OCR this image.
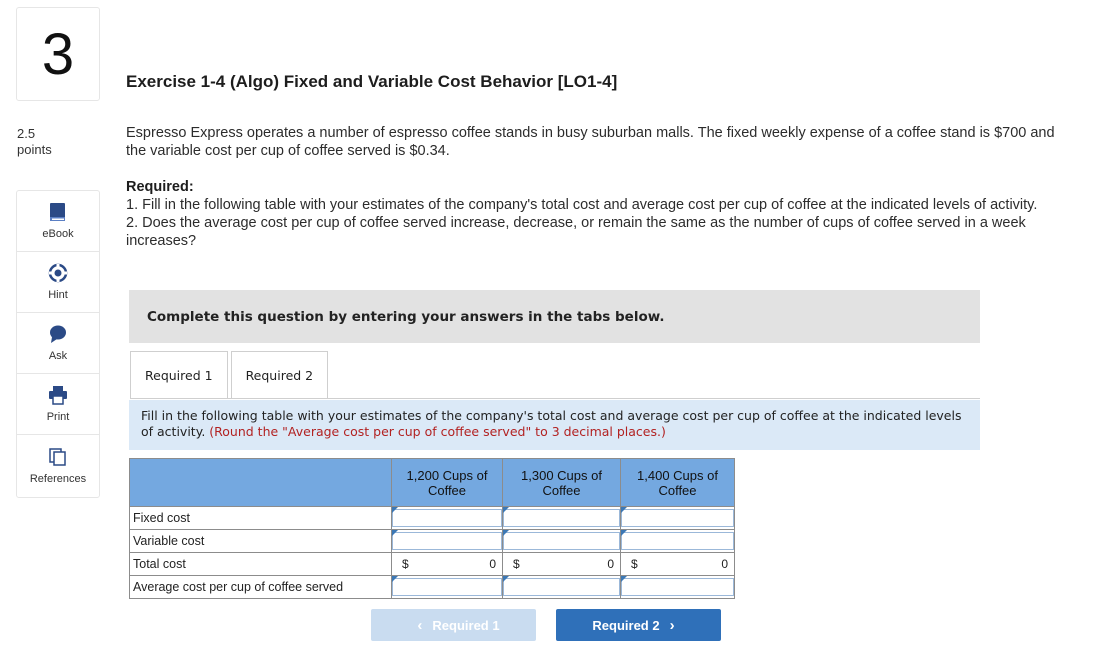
3
2.5
points
eBook
Hint
Ask
Print
References
Exercise 1-4 (Algo) Fixed and Variable Cost Behavior [LO1-4]
Espresso Express operates a number of espresso coffee stands in busy suburban malls. The fixed weekly expense of a coffee stand is $700 and the variable cost per cup of coffee served is $0.34.
Required:
1. Fill in the following table with your estimates of the company's total cost and average cost per cup of coffee at the indicated levels of activity.
2. Does the average cost per cup of coffee served increase, decrease, or remain the same as the number of cups of coffee served in a week increases?
Complete this question by entering your answers in the tabs below.
Required 1	Required 2
Fill in the following table with your estimates of the company's total cost and average cost per cup of coffee at the indicated levels of activity. (Round the "Average cost per cup of coffee served" to 3 decimal places.)
	1,200 Cups of Coffee	1,300 Cups of Coffee	1,400 Cups of Coffee
Fixed cost			
Variable cost			
Total cost	$ 0	$ 0	$ 0

Average cost per cup of coffee served			
‹ Required 1	Required 2 ›
